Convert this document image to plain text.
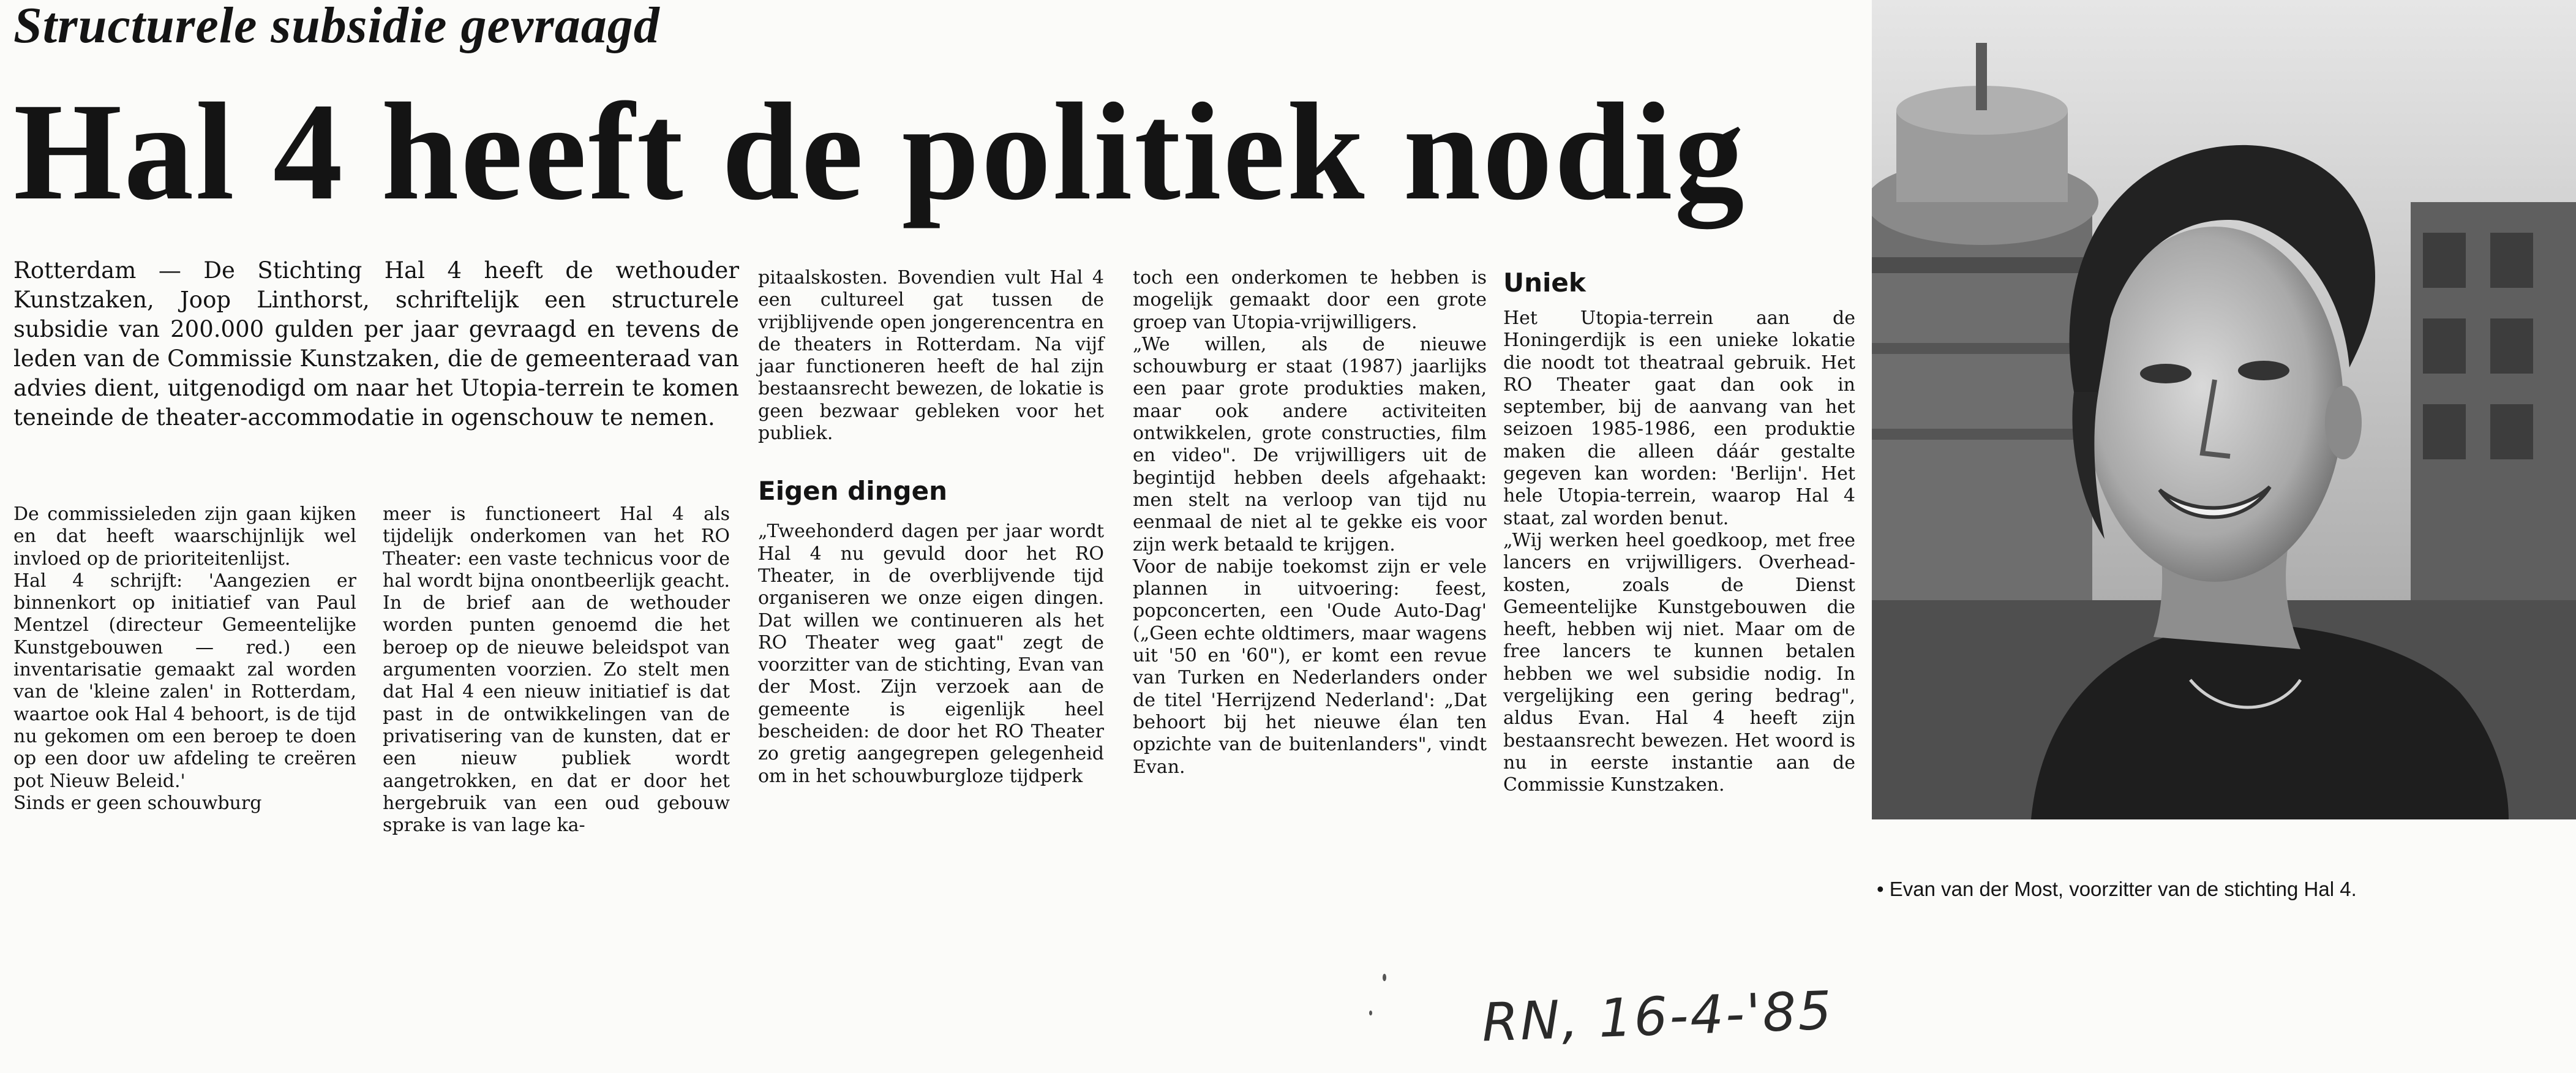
Structurele subsidie gevraagd
Hal 4 heeft de politiek nodig
Rotterdam — De Stichting Hal 4 heeft de wethouder Kunstzaken, Joop Linthorst, schriftelijk een structurele subsidie van 200.000 gulden per jaar gevraagd en tevens de leden van de Commissie Kunstzaken, die de gemeenteraad van advies dient, uitgenodigd om naar het Utopia-terrein te komen teneinde de theater-accommodatie in ogenschouw te nemen.

De commissieleden zijn gaan kijken en dat heeft waarschijnlijk wel invloed op de prioriteitenlijst.

Hal 4 schrijft: 'Aangezien er binnenkort op initiatief van Paul Mentzel (directeur Gemeentelijke Kunstgebouwen — red.) een inventarisatie gemaakt zal worden van de 'kleine zalen' in Rotterdam, waartoe ook Hal 4 behoort, is de tijd nu gekomen om een beroep te doen op een door uw afdeling te creëren pot Nieuw Beleid.'

Sinds er geen schouwburg

meer is functioneert Hal 4 als tijdelijk onderkomen van het RO Theater: een vaste technicus voor de hal wordt bijna onontbeerlijk geacht. In de brief aan de wethouder worden punten genoemd die het beroep op de nieuwe beleidspot van argumenten voorzien. Zo stelt men dat Hal 4 een nieuw initiatief is dat past in de ontwikkelingen van de privatisering van de kunsten, dat er een nieuw publiek wordt aangetrokken, en dat er door het hergebruik van een oud gebouw sprake is van lage ka-

pitaalskosten. Bovendien vult Hal 4 een cultureel gat tussen de vrijblijvende open jongerencentra en de theaters in Rotterdam. Na vijf jaar functioneren heeft de hal zijn bestaansrecht bewezen, de lokatie is geen bezwaar gebleken voor het publiek.

Eigen dingen

„Tweehonderd dagen per jaar wordt Hal 4 nu gevuld door het RO Theater, in de overblijvende tijd organiseren we onze eigen dingen. Dat willen we continueren als het RO Theater weg gaat" zegt de voorzitter van de stichting, Evan van der Most. Zijn verzoek aan de gemeente is eigenlijk heel bescheiden: de door het RO Theater zo gretig aangegrepen gelegenheid om in het schouwburgloze tijdperk

toch een onderkomen te hebben is mogelijk gemaakt door een grote groep van Utopia-vrijwilligers.

„We willen, als de nieuwe schouwburg er staat (1987) jaarlijks een paar grote produkties maken, maar ook andere activiteiten ontwikkelen, grote constructies, film en video". De vrijwilligers uit de begintijd hebben deels afgehaakt: men stelt na verloop van tijd nu eenmaal de niet al te gekke eis voor zijn werk betaald te krijgen.

Voor de nabije toekomst zijn er vele plannen in uitvoering: feest, popconcerten, een 'Oude Auto-Dag' („Geen echte oldtimers, maar wagens uit '50 en '60"), er komt een revue van Turken en Nederlanders onder de titel 'Herrijzend Nederland': „Dat behoort bij het nieuwe élan ten opzichte van de buitenlanders", vindt Evan.

Uniek

Het Utopia-terrein aan de Honingerdijk is een unieke lokatie die noodt tot theatraal gebruik. Het RO Theater gaat dan ook in september, bij de aanvang van het seizoen 1985-1986, een produktie maken die alleen dáár gestalte gegeven kan worden: 'Berlijn'. Het hele Utopia-terrein, waarop Hal 4 staat, zal worden benut.

„Wij werken heel goedkoop, met free lancers en vrijwilligers. Overhead-kosten, zoals de Dienst Gemeentelijke Kunstgebouwen die heeft, hebben wij niet. Maar om de free lancers te kunnen betalen hebben we wel subsidie nodig. In vergelijking een gering bedrag", aldus Evan. Hal 4 heeft zijn bestaansrecht bewezen. Het woord is nu in eerste instantie aan de Commissie Kunstzaken.

• Evan van der Most, voorzitter van de stichting Hal 4.
RN, 16-4-'85
